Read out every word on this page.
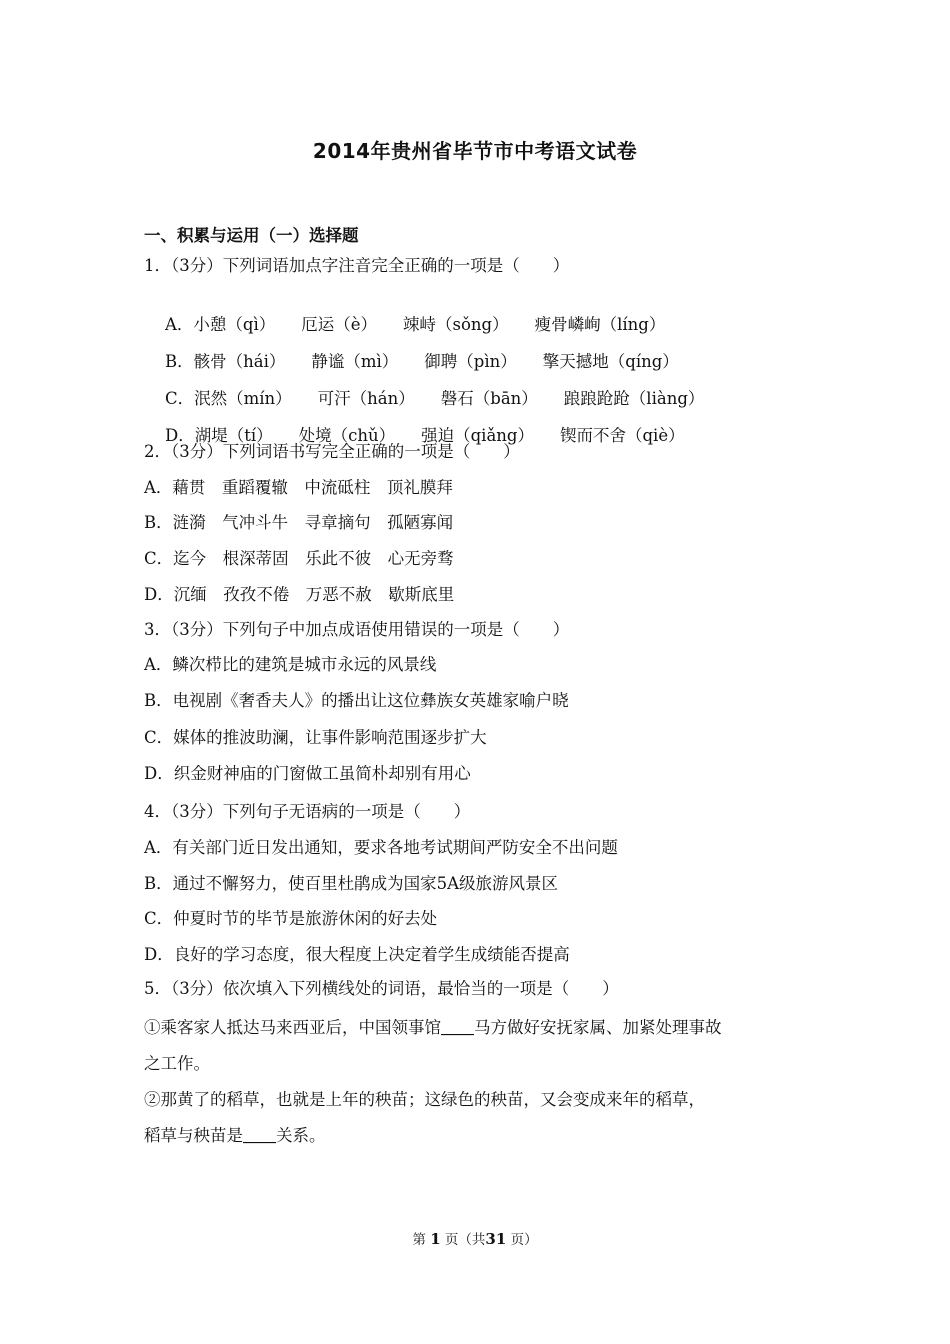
2014年贵州省毕节市中考语文试卷
一、积累与运用（一）选择题
1．（3分）下列词语加点字注音完全正确的一项是（　　）

A．小憩（qì） 厄运（è） 竦峙（sǒng） 瘦骨嶙峋（líng）

B．骸骨（hái） 静谧（mì） 御聘（pìn） 擎天撼地（qíng）

C．泯然（mín） 可汗（hán） 磐石（bān） 踉踉跄跄（liàng）

D．湖堤（tí） 处境（chǔ） 强迫（qiǎng） 锲而不舍（qiè）

2．（3分）下列词语书写完全正确的一项是（　　）
A．藉贯　重蹈覆辙　中流砥柱　顶礼膜拜
B．涟漪　气冲斗牛　寻章摘句　孤陋寡闻
C．迄今　根深蒂固　乐此不彼　心无旁骛
D．沉缅　孜孜不倦　万恶不赦　歇斯底里
3．（3分）下列句子中加点成语使用错误的一项是（　　）
A．鳞次栉比的建筑是城市永远的风景线
B．电视剧《奢香夫人》的播出让这位彝族女英雄家喻户晓
C．媒体的推波助澜，让事件影响范围逐步扩大
D．织金财神庙的门窗做工虽简朴却别有用心
4．（3分）下列句子无语病的一项是（　　）
A．有关部门近日发出通知，要求各地考试期间严防安全不出问题
B．通过不懈努力，使百里杜鹃成为国家5A级旅游风景区
C．仲夏时节的毕节是旅游休闲的好去处
D．良好的学习态度，很大程度上决定着学生成绩能否提高
5．（3分）依次填入下列横线处的词语，最恰当的一项是（　　）
①乘客家人抵达马来西亚后，中国领事馆＿＿马方做好安抚家属、加紧处理事故
之工作。
②那黄了的稻草，也就是上年的秧苗；这绿色的秧苗，又会变成来年的稻草，
稻草与秧苗是＿＿关系。
第 1 页（共31 页）
